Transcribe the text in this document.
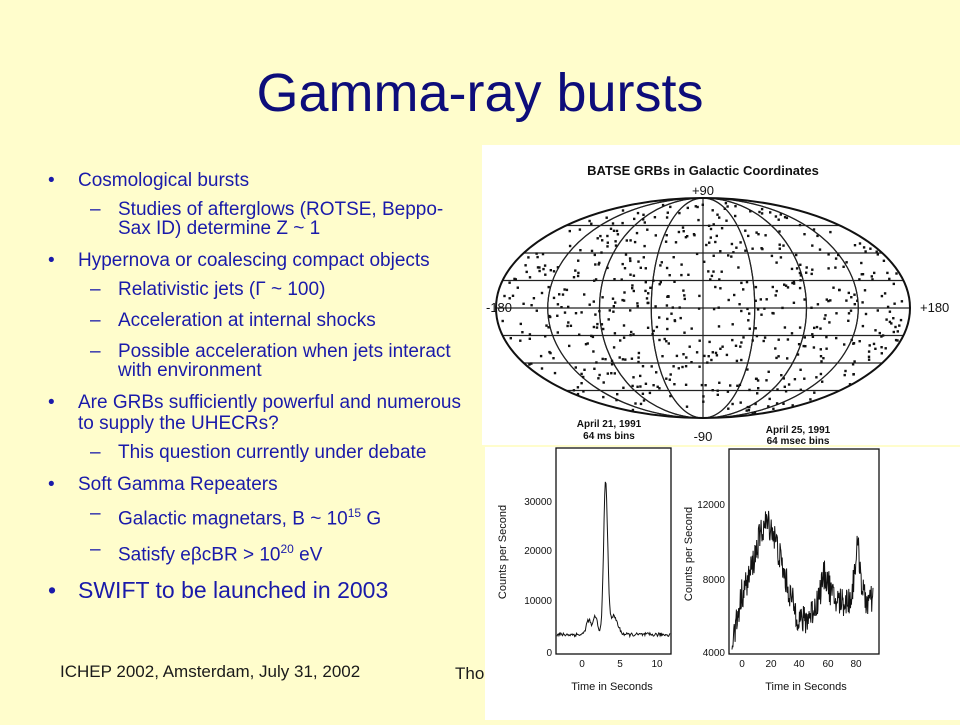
Gamma-ray bursts
• Cosmological bursts
– Studies of afterglows (ROTSE, Beppo-Sax ID) determine Z ~ 1
• Hypernova or coalescing compact objects
– Relativistic jets (Γ ~ 100)
– Acceleration at internal shocks
– Possible acceleration when jets interact with environment
• Are GRBs sufficiently powerful and numerous to supply the UHECRs?
– This question currently under debate
• Soft Gamma Repeaters
– Galactic magnetars, B ~ $10^{15}$ G
– Satisfy $e\beta cBR > 10^{20}$ eV
• SWIFT to be launched in 2003
BATSE GRBs in Galactic Coordinates
+90
-180	+180
-90
April 21, 1991
64 ms bins
30000
20000
10000
0
0	5	10
Time in Seconds
Counts per Second
April 25, 1991
64 msec bins
12000
8000
4000
0 20 40 60 80
Time in Seconds
Counts per Second
ICHEP 2002, Amsterdam, July 31, 2002	Tho
